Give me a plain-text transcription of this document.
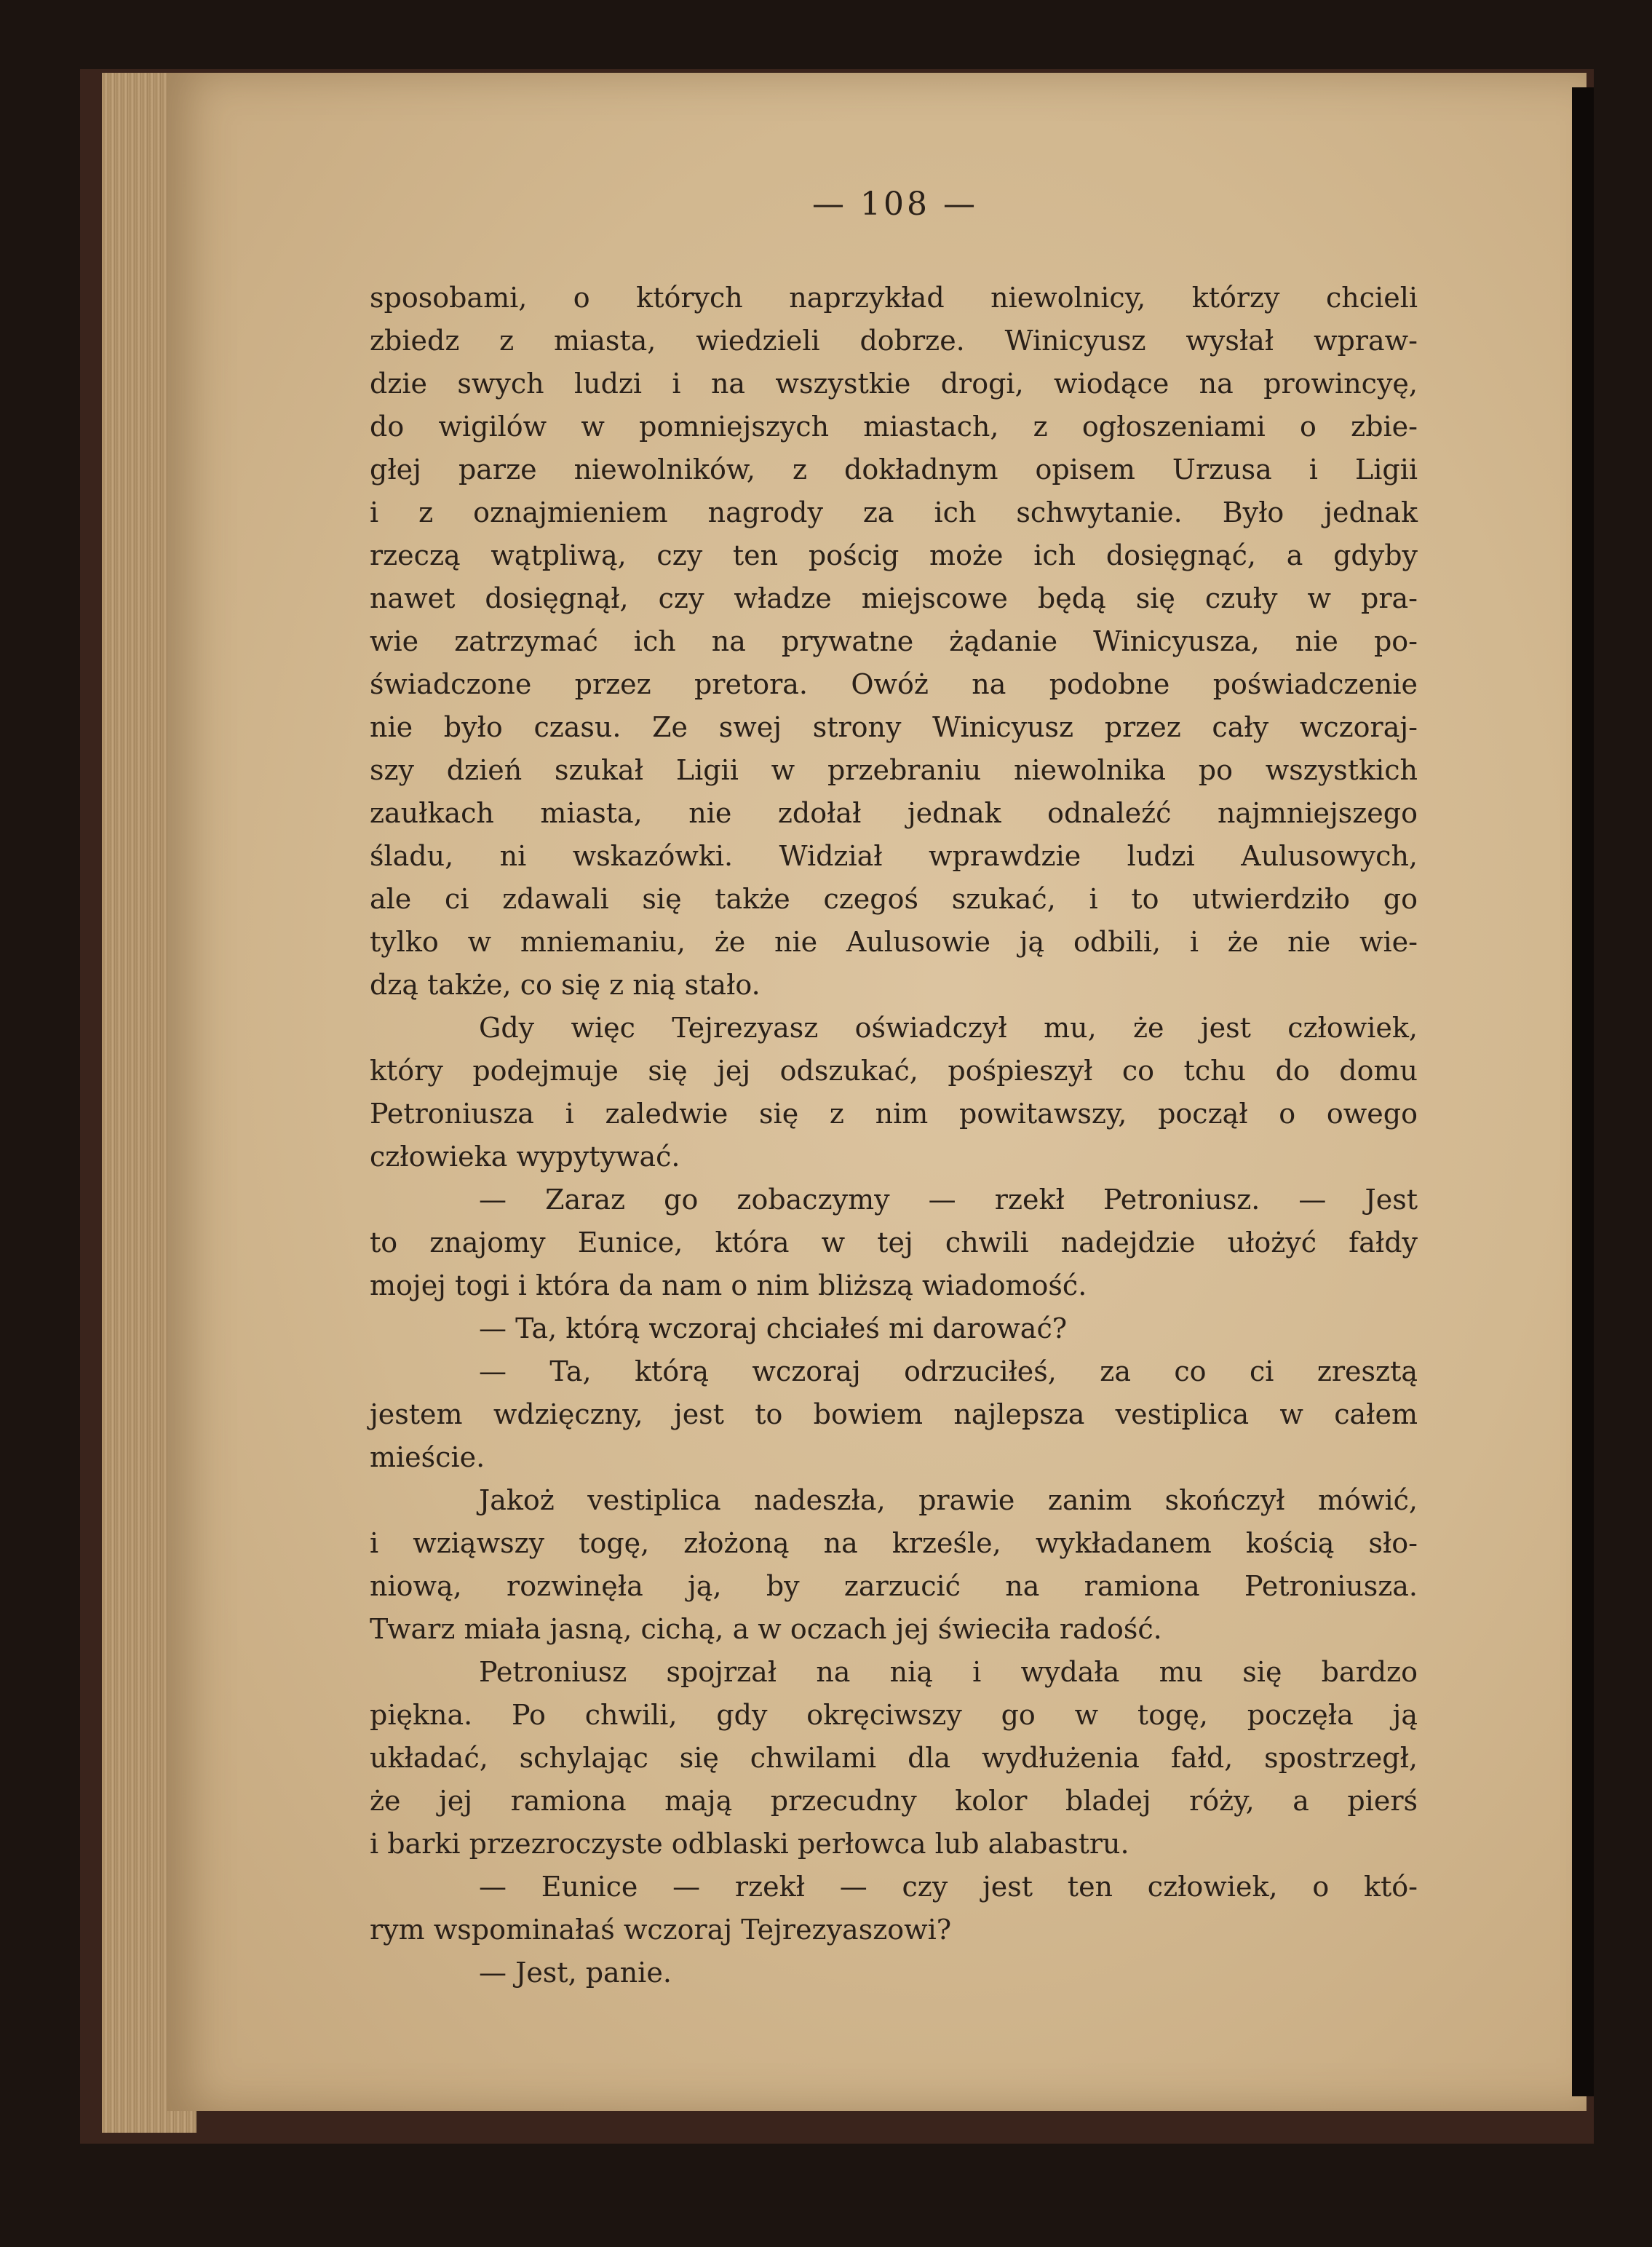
— 108 —
sposobami, o których naprzykład niewolnicy, którzy chcieli
zbiedz z miasta, wiedzieli dobrze. Winicyusz wysłał wpraw-
dzie swych ludzi i na wszystkie drogi, wiodące na prowincyę,
do wigilów w pomniejszych miastach, z ogłoszeniami o zbie-
głej parze niewolników, z dokładnym opisem Urzusa i Ligii
i z oznajmieniem nagrody za ich schwytanie. Było jednak
rzeczą wątpliwą, czy ten pościg może ich dosięgnąć, a gdyby
nawet dosięgnął, czy władze miejscowe będą się czuły w pra-
wie zatrzymać ich na prywatne żądanie Winicyusza, nie po-
świadczone przez pretora. Owóż na podobne poświadczenie
nie było czasu. Ze swej strony Winicyusz przez cały wczoraj-
szy dzień szukał Ligii w przebraniu niewolnika po wszystkich
zaułkach miasta, nie zdołał jednak odnaleźć najmniejszego
śladu, ni wskazówki. Widział wprawdzie ludzi Aulusowych,
ale ci zdawali się także czegoś szukać, i to utwierdziło go
tylko w mniemaniu, że nie Aulusowie ją odbili, i że nie wie-
dzą także, co się z nią stało.
Gdy więc Tejrezyasz oświadczył mu, że jest człowiek,
który podejmuje się jej odszukać, pośpieszył co tchu do domu
Petroniusza i zaledwie się z nim powitawszy, począł o owego
człowieka wypytywać.
— Zaraz go zobaczymy — rzekł Petroniusz. — Jest
to znajomy Eunice, która w tej chwili nadejdzie ułożyć fałdy
mojej togi i która da nam o nim bliższą wiadomość.
— Ta, którą wczoraj chciałeś mi darować?
— Ta, którą wczoraj odrzuciłeś, za co ci zresztą
jestem wdzięczny, jest to bowiem najlepsza vestiplica w całem
mieście.
Jakoż vestiplica nadeszła, prawie zanim skończył mówić,
i wziąwszy togę, złożoną na krześle, wykładanem kością sło-
niową, rozwinęła ją, by zarzucić na ramiona Petroniusza.
Twarz miała jasną, cichą, a w oczach jej świeciła radość.
Petroniusz spojrzał na nią i wydała mu się bardzo
piękna. Po chwili, gdy okręciwszy go w togę, poczęła ją
układać, schylając się chwilami dla wydłużenia fałd, spostrzegł,
że jej ramiona mają przecudny kolor bladej róży, a pierś
i barki przezroczyste odblaski perłowca lub alabastru.
— Eunice — rzekł — czy jest ten człowiek, o któ-
rym wspominałaś wczoraj Tejrezyaszowi?
— Jest, panie.
